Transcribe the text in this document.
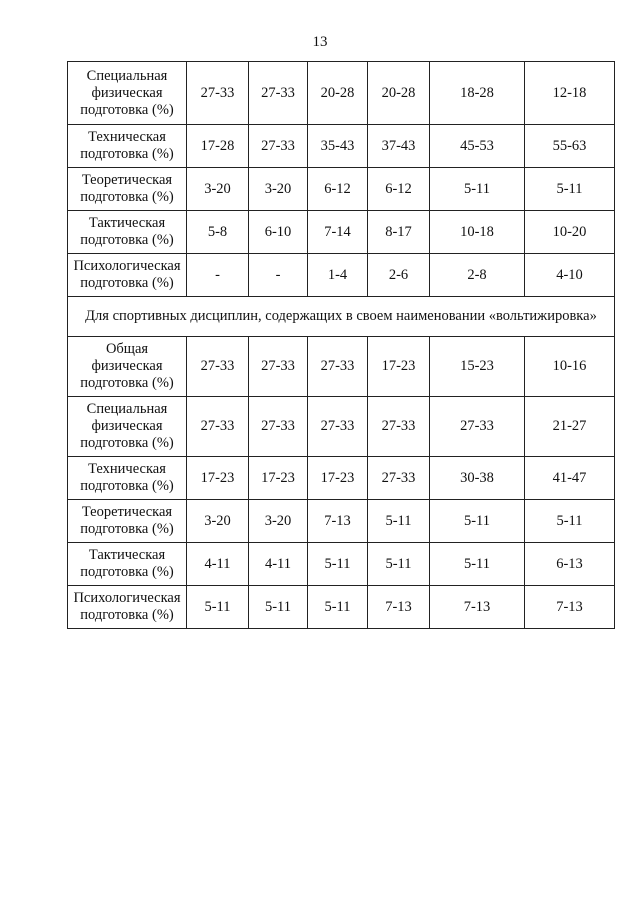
13
Специальная физическая подготовка (%)	27-33	27-33	20-28	20-28	18-28	12-18
Техническая подготовка (%)	17-28	27-33	35-43	37-43	45-53	55-63
Теоретическая подготовка (%)	3-20	3-20	6-12	6-12	5-11	5-11
Тактическая подготовка (%)	5-8	6-10	7-14	8-17	10-18	10-20
Психологическая подготовка (%)	-	-	1-4	2-6	2-8	4-10
Для спортивных дисциплин, содержащих в своем наименовании «вольтижировка»						
Общая физическая подготовка (%)	27-33	27-33	27-33	17-23	15-23	10-16
Специальная физическая подготовка (%)	27-33	27-33	27-33	27-33	27-33	21-27
Техническая подготовка (%)	17-23	17-23	17-23	27-33	30-38	41-47
Теоретическая подготовка (%)	3-20	3-20	7-13	5-11	5-11	5-11
Тактическая подготовка (%)	4-11	4-11	5-11	5-11	5-11	6-13
Психологическая подготовка (%)	5-11	5-11	5-11	7-13	7-13	7-13
